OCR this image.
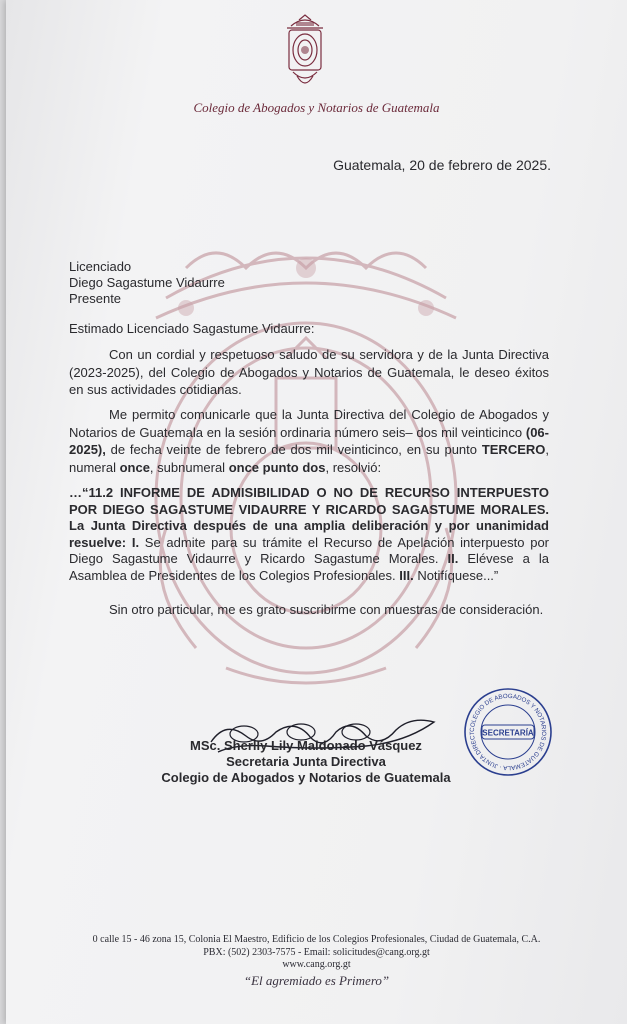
Colegio de Abogados y Notarios de Guatemala
Guatemala, 20 de febrero de 2025.
Licenciado
Diego Sagastume Vidaurre
Presente
Estimado Licenciado Sagastume Vidaurre:
Con un cordial y respetuoso saludo de su servidora y de la Junta Directiva (2023-2025), del Colegio de Abogados y Notarios de Guatemala, le deseo éxitos en sus actividades cotidianas.
Me permito comunicarle que la Junta Directiva del Colegio de Abogados y Notarios de Guatemala en la sesión ordinaria número seis– dos mil veinticinco (06-2025), de fecha veinte de febrero de dos mil veinticinco, en su punto TERCERO, numeral once, subnumeral once punto dos, resolvió:
…“11.2 INFORME DE ADMISIBILIDAD O NO DE RECURSO INTERPUESTO POR DIEGO SAGASTUME VIDAURRE Y RICARDO SAGASTUME MORALES. La Junta Directiva después de una amplia deliberación y por unanimidad resuelve: I. Se admite para su trámite el Recurso de Apelación interpuesto por Diego Sagastume Vidaurre y Ricardo Sagastume Morales. II. Elévese a la Asamblea de Presidentes de los Colegios Profesionales. III. Notifíquese...”
Sin otro particular, me es grato suscribirme con muestras de consideración.
MSc. Sherlly Lily Maldonado Vásquez
Secretaria Junta Directiva
Colegio de Abogados y Notarios de Guatemala
COLEGIO DE ABOGADOS Y NOTARIOS DE GUATEMALA · JUNTA DIRECT SECRETARÍA
0 calle 15 - 46 zona 15, Colonia El Maestro, Edificio de los Colegios Profesionales, Ciudad de Guatemala, C.A.
PBX: (502) 2303-7575 - Email: solicitudes@cang.org.gt
www.cang.org.gt
“El agremiado es Primero”
